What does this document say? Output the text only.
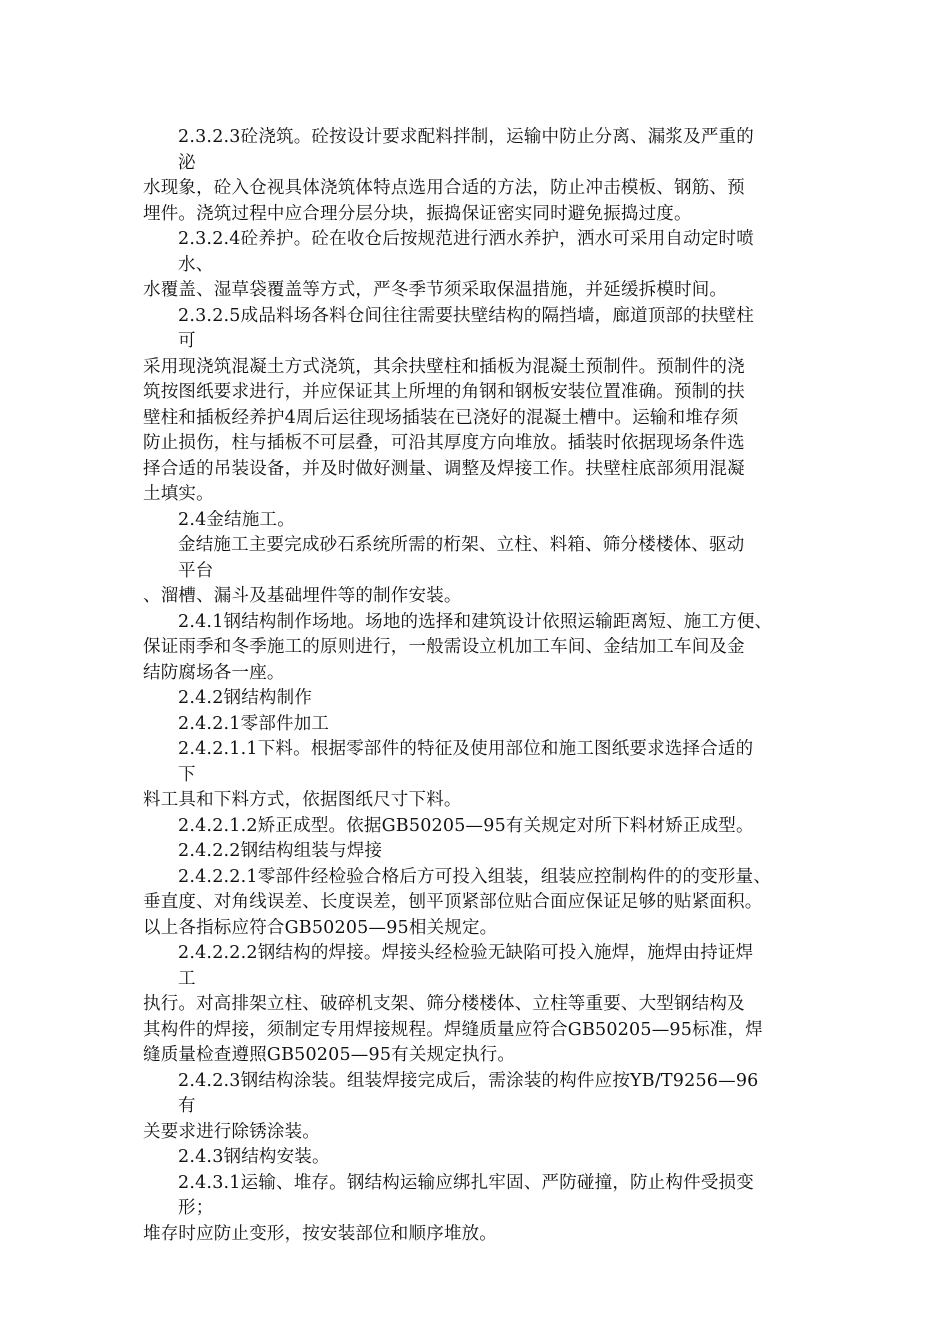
2.3.2.3砼浇筑。砼按设计要求配料拌制，运输中防止分离、漏浆及严重的
泌
水现象，砼入仓视具体浇筑体特点选用合适的方法，防止冲击模板、钢筋、预
埋件。浇筑过程中应合理分层分块，振捣保证密实同时避免振捣过度。
2.3.2.4砼养护。砼在收仓后按规范进行洒水养护，洒水可采用自动定时喷
水、
水覆盖、湿草袋覆盖等方式，严冬季节须采取保温措施，并延缓拆模时间。
2.3.2.5成品料场各料仓间往往需要扶壁结构的隔挡墙，廊道顶部的扶壁柱
可
采用现浇筑混凝土方式浇筑，其余扶壁柱和插板为混凝土预制件。预制件的浇
筑按图纸要求进行，并应保证其上所埋的角钢和钢板安装位置准确。预制的扶
壁柱和插板经养护4周后运往现场插装在已浇好的混凝土槽中。运输和堆存须
防止损伤，柱与插板不可层叠，可沿其厚度方向堆放。插装时依据现场条件选
择合适的吊装设备，并及时做好测量、调整及焊接工作。扶壁柱底部须用混凝
土填实。
2.4金结施工。
金结施工主要完成砂石系统所需的桁架、立柱、料箱、筛分楼楼体、驱动
平台
、溜槽、漏斗及基础埋件等的制作安装。
2.4.1钢结构制作场地。场地的选择和建筑设计依照运输距离短、施工方便、
保证雨季和冬季施工的原则进行，一般需设立机加工车间、金结加工车间及金
结防腐场各一座。
2.4.2钢结构制作
2.4.2.1零部件加工
2.4.2.1.1下料。根据零部件的特征及使用部位和施工图纸要求选择合适的
下
料工具和下料方式，依据图纸尺寸下料。
2.4.2.1.2矫正成型。依据GB50205—95有关规定对所下料材矫正成型。
2.4.2.2钢结构组装与焊接
2.4.2.2.1零部件经检验合格后方可投入组装，组装应控制构件的的变形量、
垂直度、对角线误差、长度误差，刨平顶紧部位贴合面应保证足够的贴紧面积。
以上各指标应符合GB50205—95相关规定。
2.4.2.2.2钢结构的焊接。焊接头经检验无缺陷可投入施焊，施焊由持证焊
工
执行。对高排架立柱、破碎机支架、筛分楼楼体、立柱等重要、大型钢结构及
其构件的焊接，须制定专用焊接规程。焊缝质量应符合GB50205—95标准，焊
缝质量检查遵照GB50205—95有关规定执行。
2.4.2.3钢结构涂装。组装焊接完成后，需涂装的构件应按YB/T9256—96
有
关要求进行除锈涂装。
2.4.3钢结构安装。
2.4.3.1运输、堆存。钢结构运输应绑扎牢固、严防碰撞，防止构件受损变
形；
堆存时应防止变形，按安装部位和顺序堆放。
